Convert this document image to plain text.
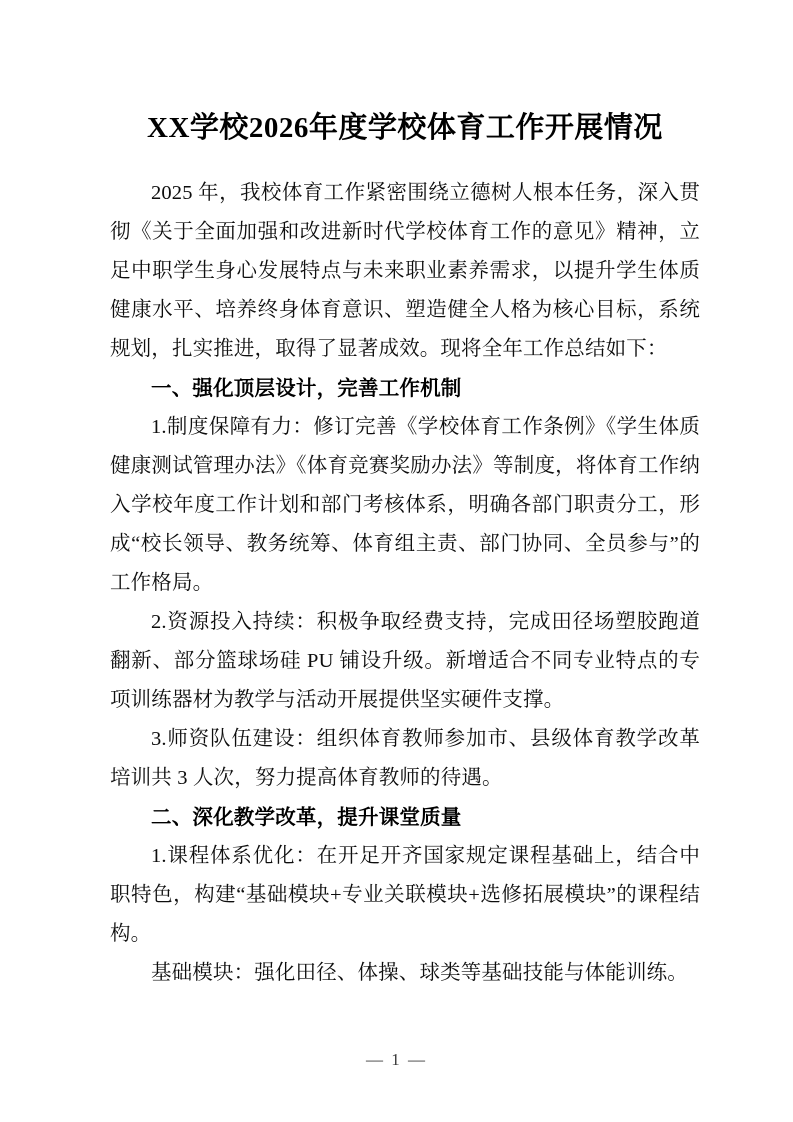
XX学校2026年度学校体育工作开展情况

2025 年，我校体育工作紧密围绕立德树人根本任务，深入贯彻《关于全面加强和改进新时代学校体育工作的意见》精神，立足中职学生身心发展特点与未来职业素养需求，以提升学生体质健康水平、培养终身体育意识、塑造健全人格为核心目标，系统规划，扎实推进，取得了显著成效。现将全年工作总结如下：

一、强化顶层设计，完善工作机制

1.制度保障有力：修订完善《学校体育工作条例》《学生体质健康测试管理办法》《体育竞赛奖励办法》等制度，将体育工作纳入学校年度工作计划和部门考核体系，明确各部门职责分工，形成“校长领导、教务统筹、体育组主责、部门协同、全员参与”的工作格局。

2.资源投入持续：积极争取经费支持，完成田径场塑胶跑道翻新、部分篮球场硅 PU 铺设升级。新增适合不同专业特点的专项训练器材为教学与活动开展提供坚实硬件支撑。

3.师资队伍建设：组织体育教师参加市、县级体育教学改革培训共 3 人次，努力提高体育教师的待遇。

二、深化教学改革，提升课堂质量

1.课程体系优化：在开足开齐国家规定课程基础上，结合中职特色，构建“基础模块+专业关联模块+选修拓展模块”的课程结构。

基础模块：强化田径、体操、球类等基础技能与体能训练。

— 1 —
